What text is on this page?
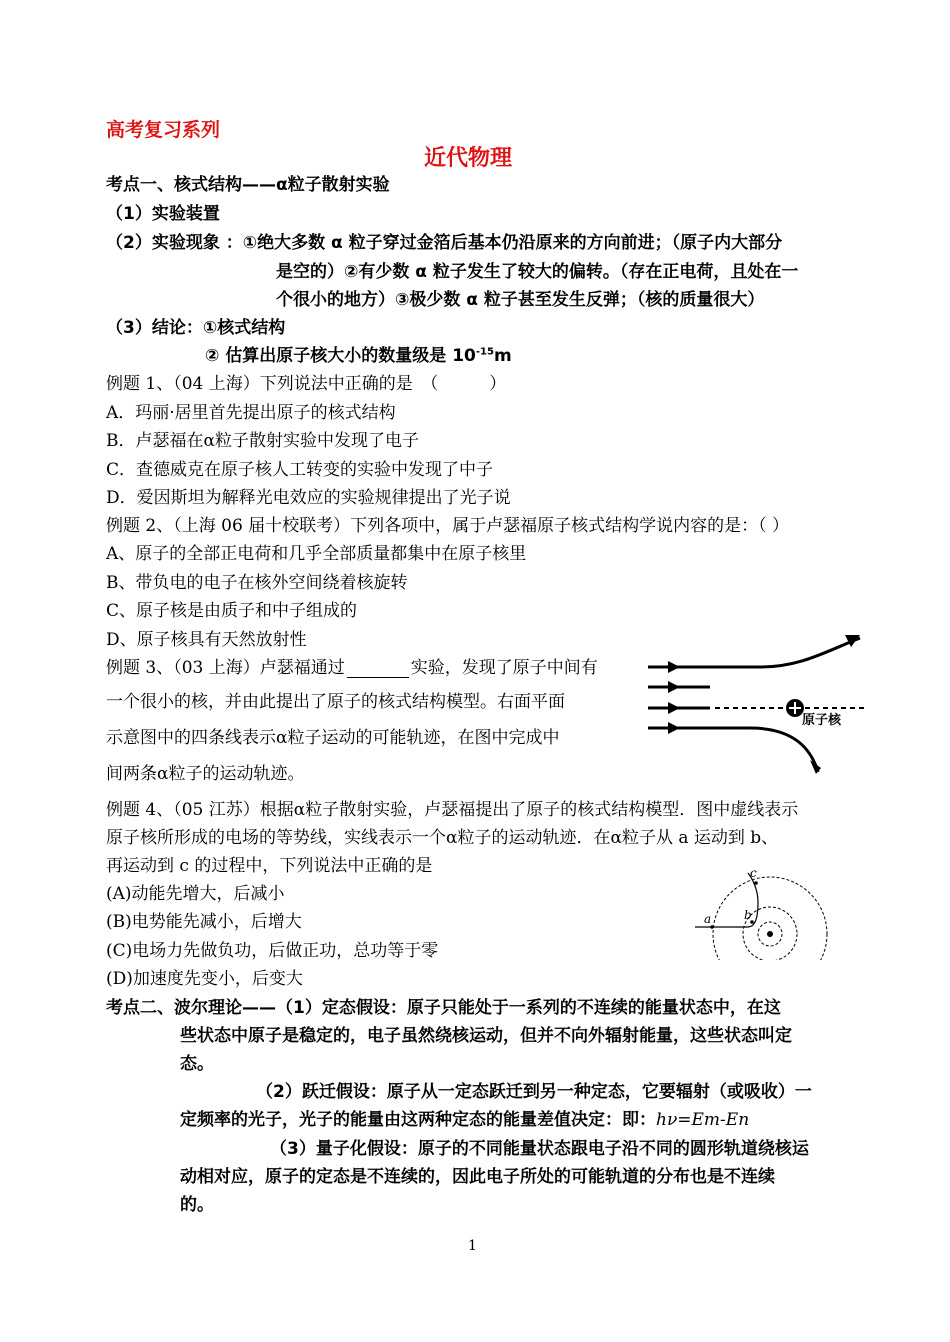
高考复习系列
近代物理
考点一、核式结构——α粒子散射实验
（1）实验装置
（2）实验现象 ：①绝大多数 α 粒子穿过金箔后基本仍沿原来的方向前进；（原子内大部分
是空的）②有少数 α 粒子发生了较大的偏转。（存在正电荷，且处在一
个很小的地方）③极少数 α 粒子甚至发生反弹；（核的质量很大）
（3）结论：①核式结构
② 估算出原子核大小的数量级是 $10^{-15}m$
例题 1、（04 上海）下列说法中正确的是　（　　　）
A．玛丽·居里首先提出原子的核式结构
B．卢瑟福在α粒子散射实验中发现了电子
C．查德威克在原子核人工转变的实验中发现了中子
D．爱因斯坦为解释光电效应的实验规律提出了光子说
例题 2、（上海 06 届十校联考）下列各项中，属于卢瑟福原子核式结构学说内容的是：（ ）
A、原子的全部正电荷和几乎全部质量都集中在原子核里
B、带负电的电子在核外空间绕着核旋转
C、原子核是由质子和中子组成的
D、原子核具有天然放射性
例题 3、（03 上海）卢瑟福通过	实验，发现了原子中间有
一个很小的核，并由此提出了原子的核式结构模型。右面平面
示意图中的四条线表示α粒子运动的可能轨迹，在图中完成中
间两条α粒子的运动轨迹。
原子核
例题 4、（05 江苏）根据α粒子散射实验，卢瑟福提出了原子的核式结构模型．图中虚线表示
原子核所形成的电场的等势线，实线表示一个α粒子的运动轨迹．在α粒子从 a 运动到 b、
再运动到 c 的过程中，下列说法中正确的是
(A)动能先增大，后减小
(B)电势能先减小，后增大
(C)电场力先做负功，后做正功，总功等于零
(D)加速度先变小，后变大
a	b
c
考点二、波尔理论——（1）定态假设：原子只能处于一系列的不连续的能量状态中，在这
些状态中原子是稳定的，电子虽然绕核运动，但并不向外辐射能量，这些状态叫定
态。
（2）跃迁假设：原子从一定态跃迁到另一种定态，它要辐射（或吸收）一
定频率的光子，光子的能量由这两种定态的能量差值决定：即：hν=Em-En
（3）量子化假设：原子的不同能量状态跟电子沿不同的圆形轨道绕核运
动相对应，原子的定态是不连续的，因此电子所处的可能轨道的分布也是不连续
的。
1
